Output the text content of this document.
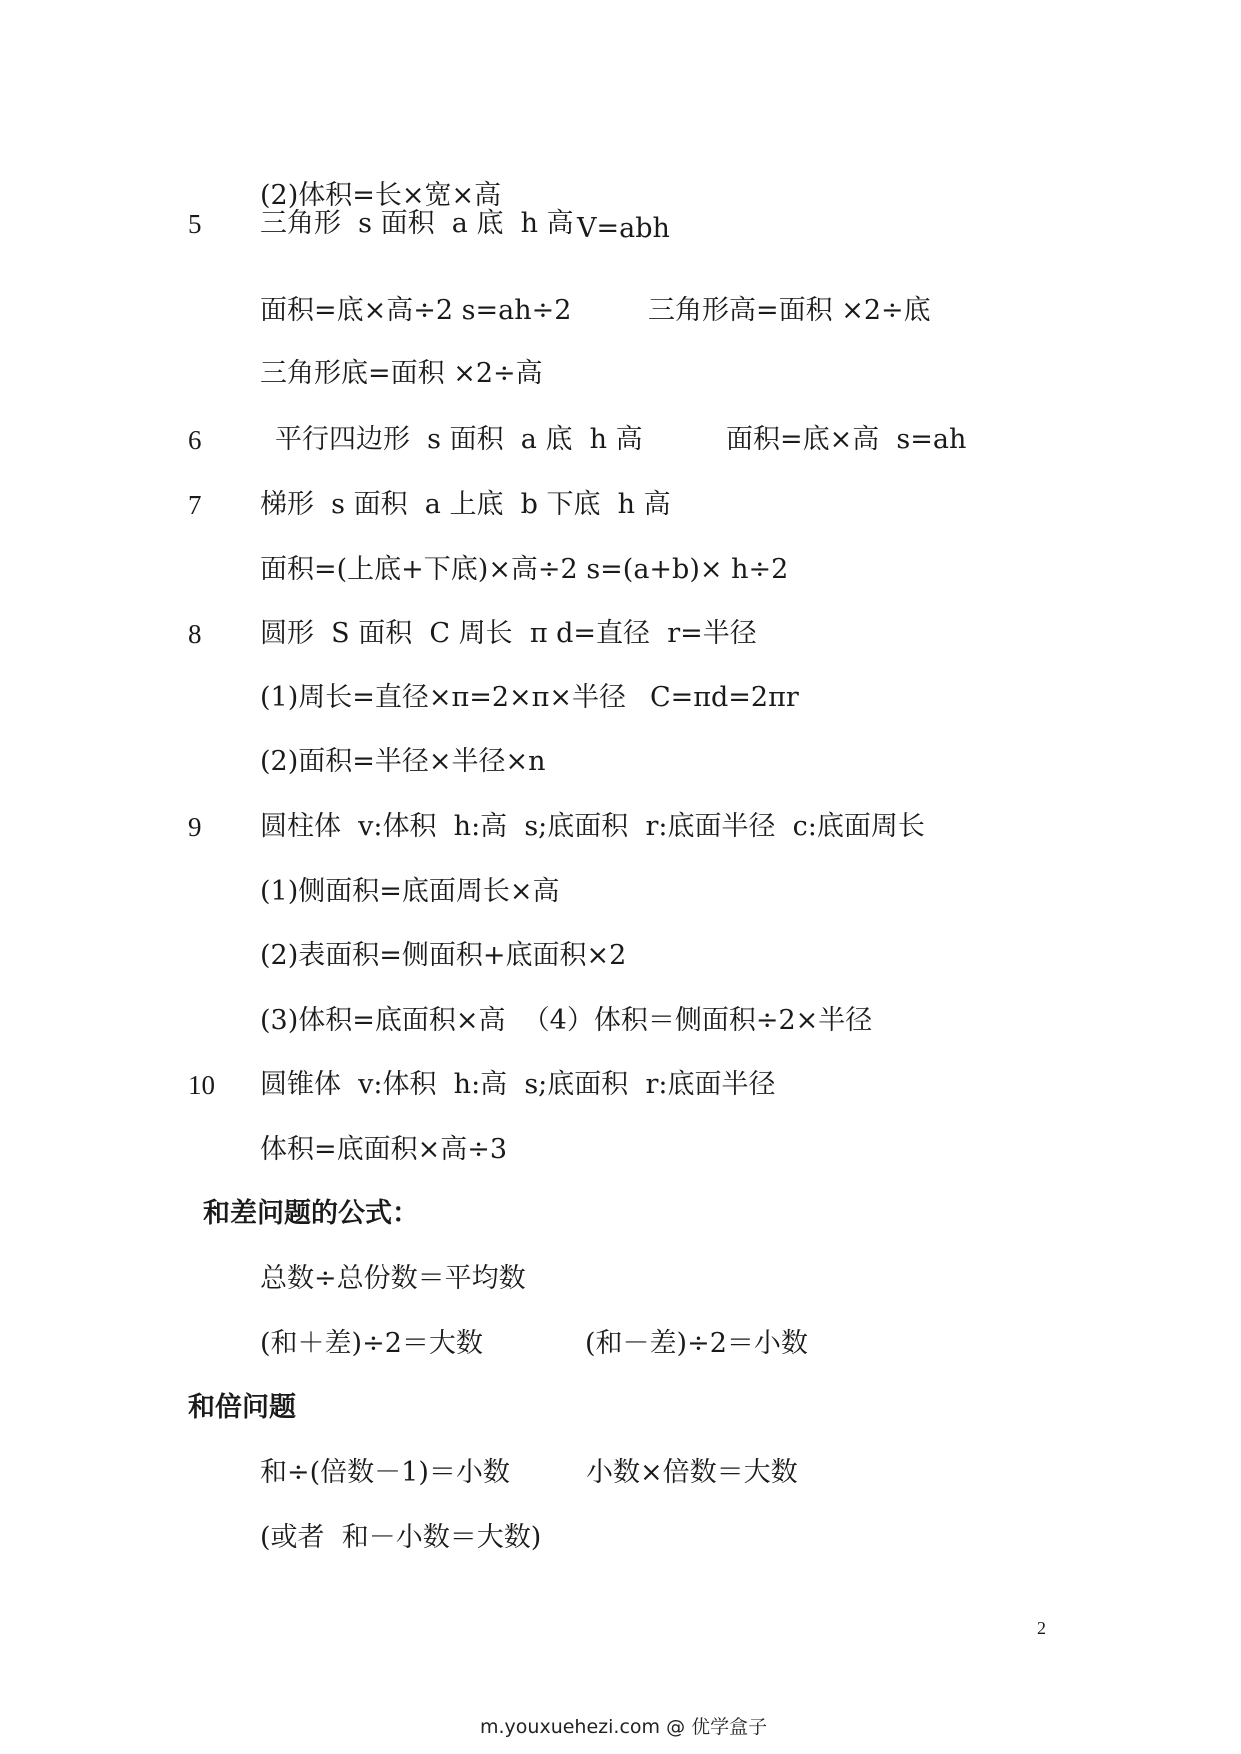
(2)体积=长×宽×高

V=abh

5 三角形  s 面积  a 底  h 高
面积=底×高÷2 s=ah÷2	三角形高=面积 ×2÷底
三角形底=面积 ×2÷高
6	平行四边形  s 面积  a 底  h 高	面积=底×高  s=ah
7 梯形  s 面积  a 上底  b 下底  h 高
面积=(上底+下底)×高÷2 s=(a+b)× h÷2
8 圆形  S 面积  C 周长  π d=直径  r=半径
(1)周长=直径×π=2×π×半径 C=πd=2πr
(2)面积=半径×半径×n
9 圆柱体  v:体积  h:高  s;底面积  r:底面半径  c:底面周长
(1)侧面积=底面周长×高
(2)表面积=侧面积+底面积×2
(3)体积=底面积×高  （4）体积＝侧面积÷2×半径
10 圆锥体  v:体积  h:高  s;底面积  r:底面半径
体积=底面积×高÷3
和差问题的公式：
总数÷总份数＝平均数
(和＋差)÷2＝大数	(和－差)÷2＝小数
和倍问题
和÷(倍数－1)＝小数	小数×倍数＝大数
(或者  和－小数＝大数)
2
m.youxuehezi.com @ 优学盒子
